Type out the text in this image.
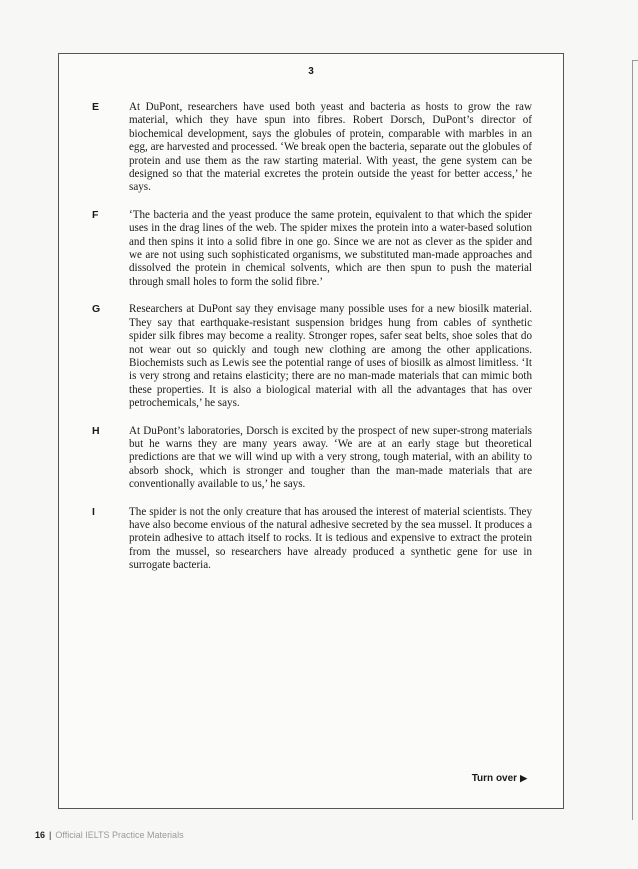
3
E	At DuPont, researchers have used both yeast and bacteria as hosts to grow the raw material, which they have spun into fibres. Robert Dorsch, DuPont’s director of biochemical development, says the globules of protein, comparable with marbles in an egg, are harvested and processed. ‘We break open the bacteria, separate out the globules of protein and use them as the raw starting material. With yeast, the gene system can be designed so that the material excretes the protein outside the yeast for better access,’ he says.
F	‘The bacteria and the yeast produce the same protein, equivalent to that which the spider uses in the drag lines of the web. The spider mixes the protein into a water-based solution and then spins it into a solid fibre in one go. Since we are not as clever as the spider and we are not using such sophisticated organisms, we substituted man-made approaches and dissolved the protein in chemical solvents, which are then spun to push the material through small holes to form the solid fibre.’
G	Researchers at DuPont say they envisage many possible uses for a new biosilk material. They say that earthquake-resistant suspension bridges hung from cables of synthetic spider silk fibres may become a reality. Stronger ropes, safer seat belts, shoe soles that do not wear out so quickly and tough new clothing are among the other applications. Biochemists such as Lewis see the potential range of uses of biosilk as almost limitless. ‘It is very strong and retains elasticity; there are no man-made materials that can mimic both these properties. It is also a biological material with all the advantages that has over petrochemicals,’ he says.
H	At DuPont’s laboratories, Dorsch is excited by the prospect of new super-strong materials but he warns they are many years away. ‘We are at an early stage but theoretical predictions are that we will wind up with a very strong, tough material, with an ability to absorb shock, which is stronger and tougher than the man-made materials that are conventionally available to us,’ he says.
I	The spider is not the only creature that has aroused the interest of material scientists. They have also become envious of the natural adhesive secreted by the sea mussel. It produces a protein adhesive to attach itself to rocks. It is tedious and expensive to extract the protein from the mussel, so researchers have already produced a synthetic gene for use in surrogate bacteria.
Turn over ▶
16 | Official IELTS Practice Materials
